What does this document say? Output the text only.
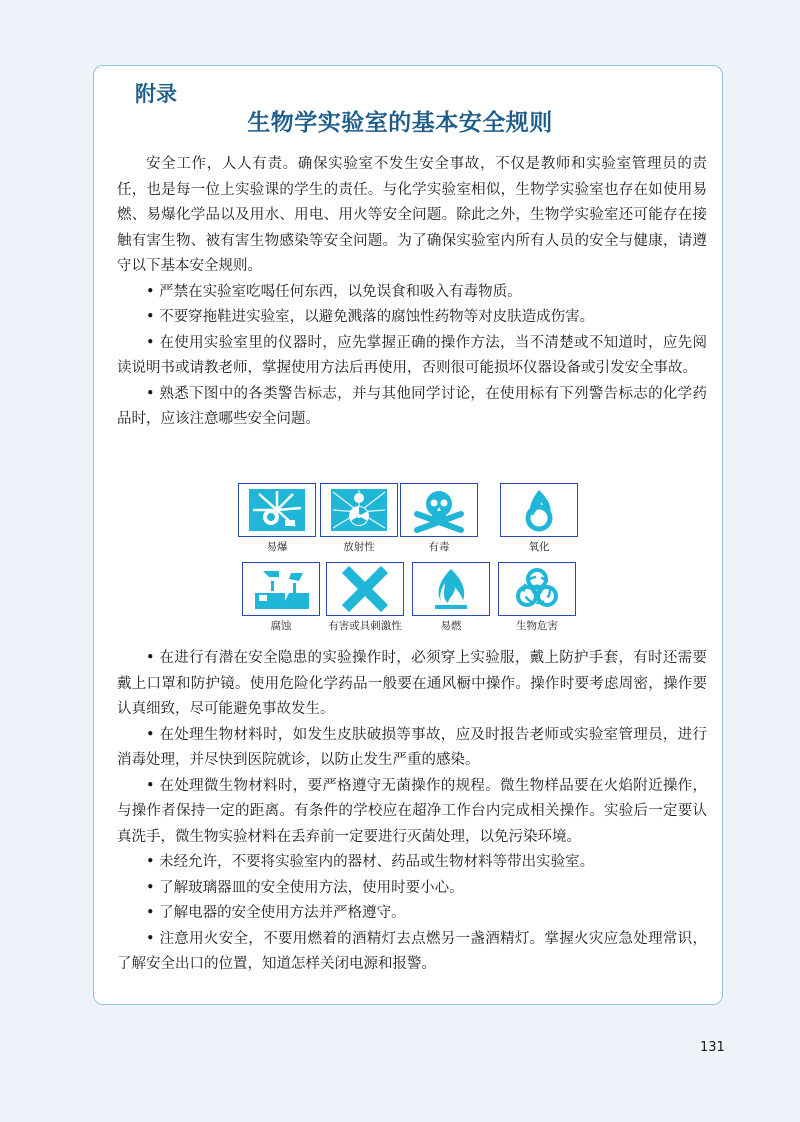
附录
生物学实验室的基本安全规则

安全工作，人人有责。确保实验室不发生安全事故，不仅是教师和实验室管理员的责任，也是每一位上实验课的学生的责任。与化学实验室相似，生物学实验室也存在如使用易燃、易爆化学品以及用水、用电、用火等安全问题。除此之外，生物学实验室还可能存在接触有害生物、被有害生物感染等安全问题。为了确保实验室内所有人员的安全与健康，请遵守以下基本安全规则。

• 严禁在实验室吃喝任何东西，以免误食和吸入有毒物质。

• 不要穿拖鞋进实验室，以避免溅落的腐蚀性药物等对皮肤造成伤害。

• 在使用实验室里的仪器时，应先掌握正确的操作方法，当不清楚或不知道时，应先阅读说明书或请教老师，掌握使用方法后再使用，否则很可能损坏仪器设备或引发安全事故。

• 熟悉下图中的各类警告标志，并与其他同学讨论，在使用标有下列警告标志的化学药品时，应该注意哪些安全问题。

易爆	放射性	有毒	氧化
腐蚀	有害或具刺激性	易燃	生物危害

• 在进行有潜在安全隐患的实验操作时，必须穿上实验服，戴上防护手套，有时还需要戴上口罩和防护镜。使用危险化学药品一般要在通风橱中操作。操作时要考虑周密，操作要认真细致，尽可能避免事故发生。

• 在处理生物材料时，如发生皮肤破损等事故，应及时报告老师或实验室管理员，进行消毒处理，并尽快到医院就诊，以防止发生严重的感染。

• 在处理微生物材料时，要严格遵守无菌操作的规程。微生物样品要在火焰附近操作，与操作者保持一定的距离。有条件的学校应在超净工作台内完成相关操作。实验后一定要认真洗手，微生物实验材料在丢弃前一定要进行灭菌处理，以免污染环境。

• 未经允许，不要将实验室内的器材、药品或生物材料等带出实验室。

• 了解玻璃器皿的安全使用方法，使用时要小心。

• 了解电器的安全使用方法并严格遵守。

• 注意用火安全，不要用燃着的酒精灯去点燃另一盏酒精灯。掌握火灾应急处理常识，了解安全出口的位置，知道怎样关闭电源和报警。

131
